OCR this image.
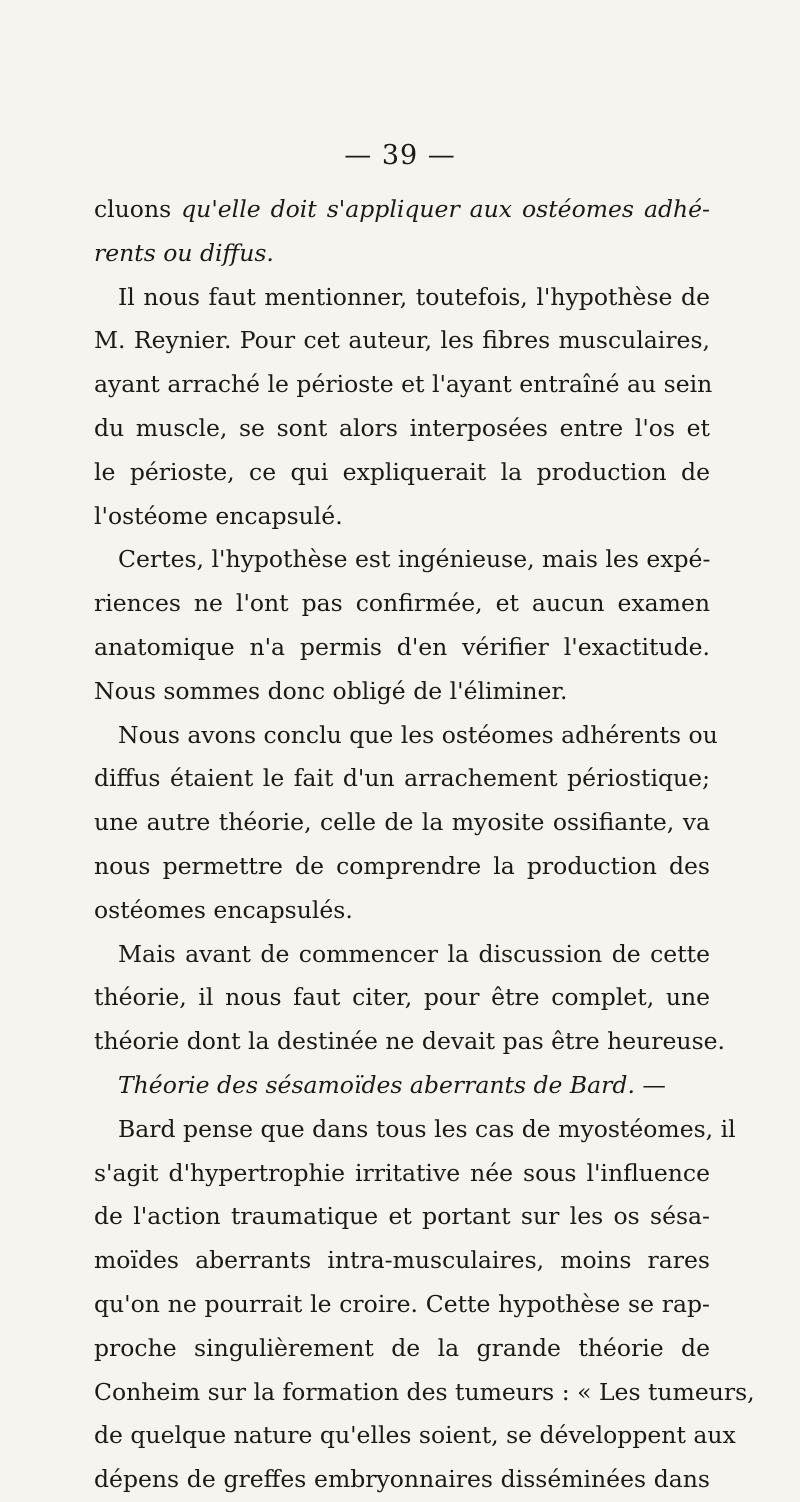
— 39 —
cluons qu'elle doit s'appliquer aux ostéomes adhé-
rents ou diffus.
Il nous faut mentionner, toutefois, l'hypothèse de
M. Reynier. Pour cet auteur, les fibres musculaires,
ayant arraché le périoste et l'ayant entraîné au sein
du muscle, se sont alors interposées entre l'os et
le périoste, ce qui expliquerait la production de
l'ostéome encapsulé.
Certes, l'hypothèse est ingénieuse, mais les expé-
riences ne l'ont pas confirmée, et aucun examen
anatomique n'a permis d'en vérifier l'exactitude.
Nous sommes donc obligé de l'éliminer.
Nous avons conclu que les ostéomes adhérents ou
diffus étaient le fait d'un arrachement périostique;
une autre théorie, celle de la myosite ossifiante, va
nous permettre de comprendre la production des
ostéomes encapsulés.
Mais avant de commencer la discussion de cette
théorie, il nous faut citer, pour être complet, une
théorie dont la destinée ne devait pas être heureuse.
Théorie des sésamoïdes aberrants de Bard. —
Bard pense que dans tous les cas de myostéomes, il
s'agit d'hypertrophie irritative née sous l'influence
de l'action traumatique et portant sur les os sésa-
moïdes aberrants intra-musculaires, moins rares
qu'on ne pourrait le croire. Cette hypothèse se rap-
proche singulièrement de la grande théorie de
Conheim sur la formation des tumeurs : « Les tumeurs,
de quelque nature qu'elles soient, se développent aux
dépens de greffes embryonnaires disséminées dans
